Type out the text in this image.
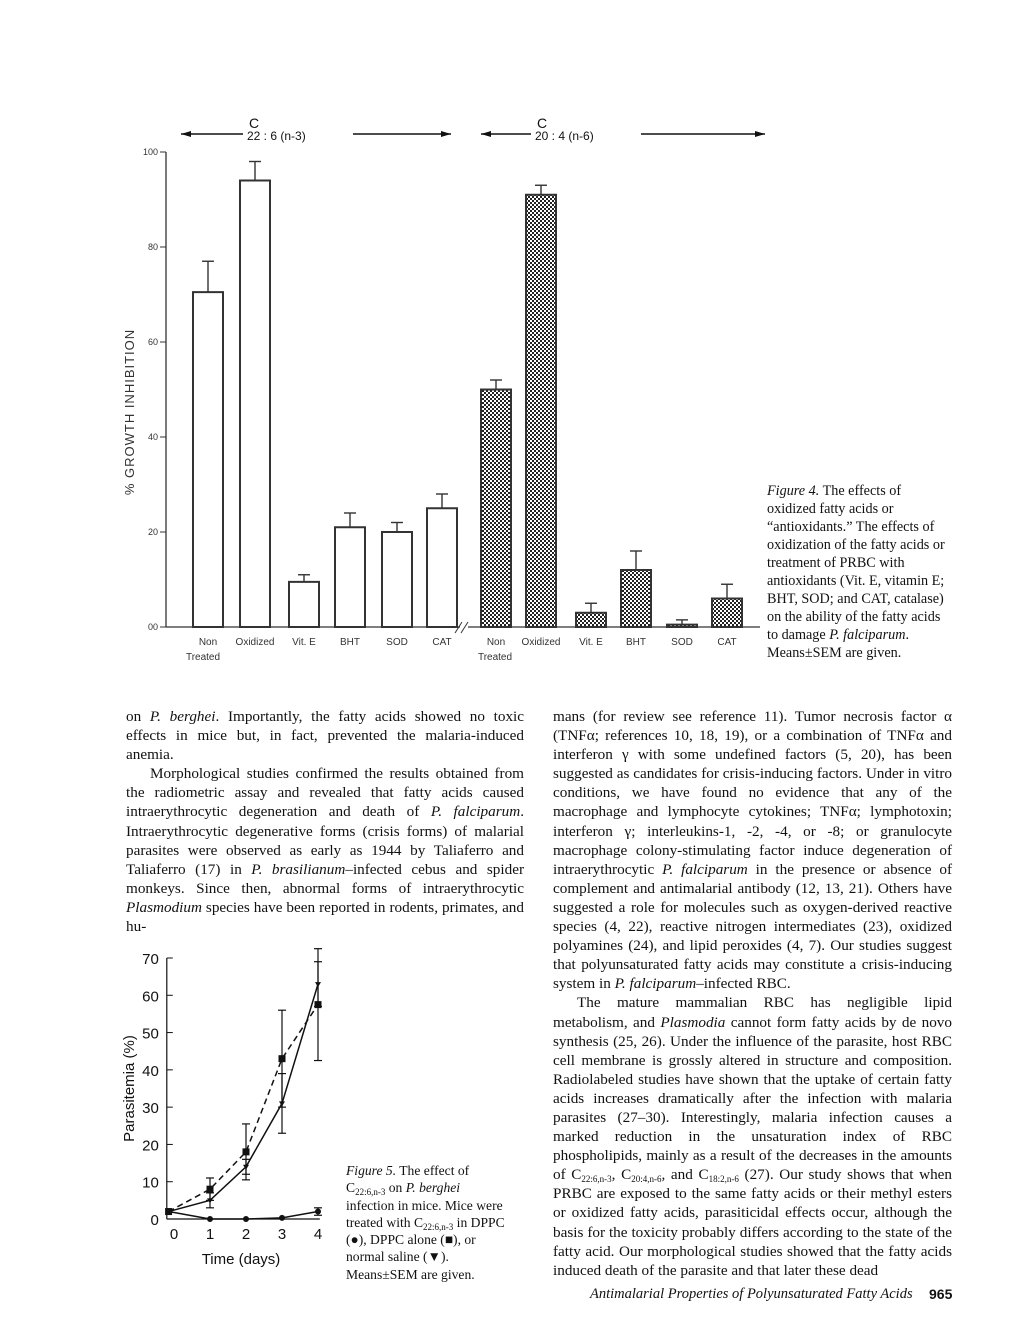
00
20
40
60
80
100
% GROWTH INHIBITION
Non
Treated
Oxidized Vit. E BHT	SOD CAT	Non
Treated
Oxidized Vit. E BHT	SOD CAT
C
22 : 6 (n-3)
C
20 : 4 (n-6)
Figure 4. The effects of oxidized fatty acids or “antioxidants.” The effects of oxidization of the fatty acids or treatment of PRBC with antioxidants (Vit. E, vitamin E; BHT, SOD; and CAT, catalase) on the ability of the fatty acids to damage P. falciparum. Means±SEM are given.

on P. berghei. Importantly, the fatty acids showed no toxic effects in mice but, in fact, prevented the malaria-induced anemia.

Morphological studies confirmed the results obtained from the radiometric assay and revealed that fatty acids caused intraerythrocytic degeneration and death of P. falciparum. Intraerythrocytic degenerative forms (crisis forms) of malarial parasites were observed as early as 1944 by Taliaferro and Taliaferro (17) in P. brasilianum–infected cebus and spider monkeys. Since then, abnormal forms of intraerythrocytic Plasmodium species have been reported in rodents, primates, and hu-

mans (for review see reference 11). Tumor necrosis factor α (TNFα; references 10, 18, 19), or a combination of TNFα and interferon γ with some undefined factors (5, 20), has been suggested as candidates for crisis-inducing factors. Under in vitro conditions, we have found no evidence that any of the macrophage and lymphocyte cytokines; TNFα; lymphotoxin; interferon γ; interleukins-1, -2, -4, or -8; or granulocyte macrophage colony-stimulating factor induce degeneration of intraerythrocytic P. falciparum in the presence or absence of complement and antimalarial antibody (12, 13, 21). Others have suggested a role for molecules such as oxygen-derived reactive species (4, 22), reactive nitrogen intermediates (23), oxidized polyamines (24), and lipid peroxides (4, 7). Our studies suggest that polyunsaturated fatty acids may constitute a crisis-inducing system in P. falciparum–infected RBC.

The mature mammalian RBC has negligible lipid metabolism, and Plasmodia cannot form fatty acids by de novo synthesis (25, 26). Under the influence of the parasite, host RBC cell membrane is grossly altered in structure and composition. Radiolabeled studies have shown that the uptake of certain fatty acids increases dramatically after the infection with malaria parasites (27–30). Interestingly, malaria infection causes a marked reduction in the unsaturation index of RBC phospholipids, mainly as a result of the decreases in the amounts of $C_{22:6,n-3}$, $C_{20:4,n-6}$, and $C_{18:2,n-6}$ (27). Our study shows that when PRBC are exposed to the same fatty acids or their methyl esters or oxidized fatty acids, parasiticidal effects occur, although the basis for the toxicity probably differs according to the state of the fatty acid. Our morphological studies showed that the fatty acids induced death of the parasite and that later these dead

0
10
20
30
40
50
60
70
0 1 2 3 4
Time (days)
Parasitemia (%)
Figure 5. The effect of $C_{22:6,n-3}$ on P. berghei infection in mice. Mice were treated with $C_{22:6,n-3}$ in DPPC (●), DPPC alone (■), or normal saline (▼). Means±SEM are given.
Antimalarial Properties of Polyunsaturated Fatty Acids 965
